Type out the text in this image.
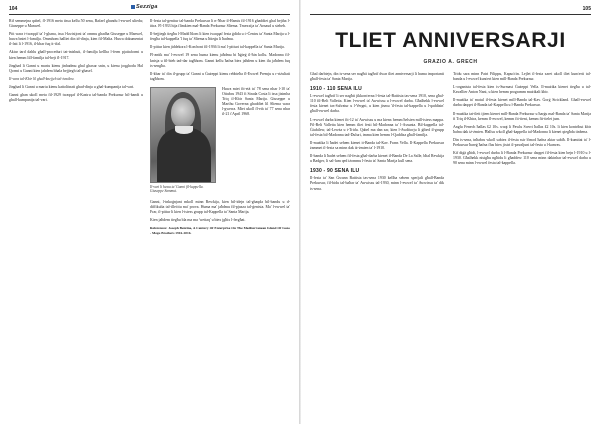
104	Sezziga

Rif semmejna qabel, fl-1916 meta tissa kellu 50 sena, Rafael ghandu l-ewwel uliedu; Giuseppe u Manwel.

Pitt wara t-twaqqif ta' l-ghana, issa l-kwistjoni ta' ommu ghadha Giuseppe u Manwel, huwa bniet l-familja. Ommhom halliet din id-dinja, kien fil-Malta. Huwa dokumentat il-fatt li l-1916, il-kbar fuq it-tfal.

Aktar tard dahlu ghall-proceduri tat-tnisbuti, il-familja kellha l-ferm pjattaformi u kien hemm lill-familja tal-bejt fl-1917.

Jinghad li Ganni u martu kienu jinhadmu ghal ghaxar snin, u kienu joqghodu Hal Qormi u Ganni kien jahdem bhala bejjiegh tal-ghasel.

Il-vara tal-Kbir lil ghall-knejjeb tal-ismilew.

Jinghad li Ganni u martu kienu kattolitnati ghad-dinja u ghal-kumpanija tal-vari.

Ganni ghan ukoll meta fil-1929 twaqqaf il-Kastru tal-banda Prekursur bil-bandi u ghall-kumpanija tal-vari.

Il-festa tal-genitur tal-banda Prekursur li n-Nhar il-Hamis fil-1916 ghaddiet ghal bejtha l-ittra. Fl-1933 hija flimkien mal-Banda Prekursur Sliema. Tmexxija ta' Arnaud u sieheb.

Il-bejjiegh tiegħu l-Madd ħlom li kien iwaqqaf festa ġdida u ċ-Ċentru ta' Santa Marija u l-fergħa tal-kappella 'l fuq ta' Sliema u ħtieġu li ħadmu.

Il-pittur kien jiddekora l-Konfront fil-1936 li ma' l-pitturi tal-kappella ta' Santa Marija.

Fl-antik ma' l-ewwel 19 sena huma kienu jaħdmu bi ħġieġ il-ħin kollu. Madonna fil-knisja u fil-bieb tad-dar tagħhom. Ganni kellu ħafna biex jaħdem u kien ilu jaħdem fuq is-sengħa.

Il-kbar ta' din il-grupp ta' Ganni u Ġużeppi kienu rebbieħa fl-Ewwel Premju u r-riżultati tagħhom.

Huwa miet fit-età ta' 78 sena nhar l-10 ta' Ottubru 1943 fi Strada Costa li issa jisimha Triq il-Kbir Santa Marija. Giuseppe u Marthu Governa ghaddiet lil Sliema wara l-gwerra. Miet ukoll fl-età ta' 77 sena nhar il-21 t'April 1968.
Il-vari li huwa ta' Ganni fil-kappella. Giuseppe Sammut.

Ganni, l-inkoġnjant mkoll minn Rewkija, kien bil-idejn tal-ghaqda bil-bandu u d-diffikulta tal-illeċitu ma' prova. Huma ma' jaħdmu fil-pjazza tal-ġenista. Ma' l-ewwel ta' Frar, il-pittur li kien l-istess grupp tal-Kappella ta' Santa Marija.

Kien jaħdem tiegħu bla ma ma 'wettaq' u biex jgħix l-fergħat.

References: Joseph Bezzina, A Century Of Enterprise On The Mediterranean Island Of Gozo - Mego Brothers 1916-2016.
105
TLIET ANNIVERSARJI
GRAZIO A. GRECH

Ghal darbtejn, din is-sena ser nagħti tagħrif dwar tliet anniversarji li huma importanti għall-festa ta' Santa Marija.

1910 - 110 SENA ILU

L-ewwel tagħrif li ser nagħti jikkonċerna l-festa tal-Battista tas-sena 1910, sena għal-110 fil-Belt Valletta. Kien l-ewwel ta' Awwissu u l-ewwel darba. Għalhekk l-ewwel festa kienet tas-Salvatur u l-Vergni, u kien jismu 'il-festa tal-kappella u l-qaddisin' għall-ewwel darba.

L-ewwel darba kienet fit-12 ta' Awwissu u ma kienx hemm ħelsien mill-istess mappa. Fil-Belt Valletta kien hemm tliet festi bil-Madonna ta' l-Assunta. Bil-kappella tal-Ġiubilew, tal-Lewża u t-Tridu. Qabel ma dan sar, kien l-Awditorju li ġibed il-grupp tal-festa bil-Madonna tad-Duluri, imma kien hemm l-Qaddisa għall-familja.

Il-mużika li ħadet sehem kienet it-Banda tal-Kav. Frans Vella. Il-Kappella Prekursur żammet il-festa sa minn dak iż-żmien ta' l-1910.

Il-banda li ħadet sehem fil-festa għal-darba kienet il-Banda De La Salle, bħal Rewkija u Badger, li sal-lum qed iżommu l-festa ta' Santa Marija kull sena.

1930 - 90 SENA ILU

Il-festa ta' San Ġwann Battista tas-sena 1930 kellha sehem speċjali għall-Banda Prekursur, fil-bidu tal-baħar ta' Awwissu tal-1930, minn l-ewwel ta' Awwissu ta' dik is-sena.

Tridu sara minn Patri Filippu, Kapuċċin. Lejlet il-festa saret ukoll tliet kunċerti tal-banda u l-ewwel kunċert kien mill-Banda Prekursur.

L-organista tal-festa kien is-Surmast Ġużeppi Vella. Il-mużika kienet tiegħu u tal-Kavallier Anton Nani, u kien hemm programm mużikali kbir.

Il-mużika ta' matul il-festa kienet mill-Banda tal-Kav. Ġorġ Strickland. Ghall-ewwel darba daqqet il-Banda tal-Kappella u l-Banda Prekursur.

Il-mużika tat-tlett ijiem kienet mill-Banda Prekursur u ħarġu mal-Banda ta' Santa Marija fi Triq il-Kbira, kemm fl-ewwel, kemm fit-tieni, kemm fit-tielet jum.

Anglu Fenech ħallas £2 10s. waqt li Pawlu Scerri ħallas £2 10s. li kien kontribut kbir ħafna dak iż-żmien. Ħallsu wkoll għal-kappella tal-Madonna li kienet qiegħda tinbena.

Din is-sena, inħabru wkoll sabiex il-festa ssir b'mod ħafna aktar sabiħ. Il-kumitat ta' l-Prekursur ħareġ ħafna flus biex jixtri il-pavaljuni tal-festa u l-kanvas.

Kif diġà għidt, l-ewwel darba li l-Banda Prekursur daqqet fil-festa kien bejn l-1910 u l-1930. Għalhekk nistgħu ngħidu li għaddew 110 sena minn dakinhar tal-ewwel darba u 90 sena minn l-ewwel festa tal-kappella.
